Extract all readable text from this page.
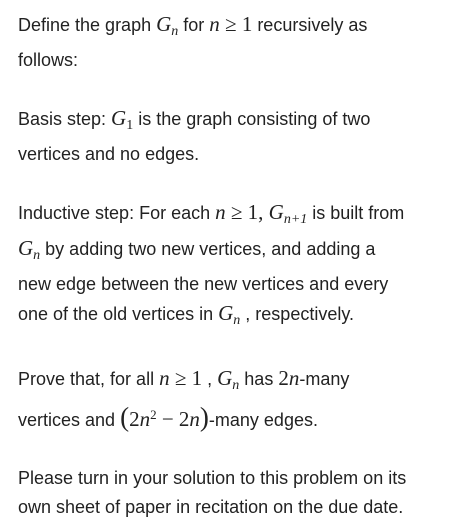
Define the graph $G_n$ for n ≥ 1 recursively as
follows:

Basis step: $G_1$ is the graph consisting of two
vertices and no edges.

Inductive step: For each n ≥ 1, $G_{n+1}$ is built from
$G_n$ by adding two new vertices, and adding a
new edge between the new vertices and every
one of the old vertices in $G_n$ , respectively.

Prove that, for all n ≥ 1 , $G_n$ has 2n-many
vertices and ($2n^2$ − 2n)-many edges.

Please turn in your solution to this problem on its
own sheet of paper in recitation on the due date.
